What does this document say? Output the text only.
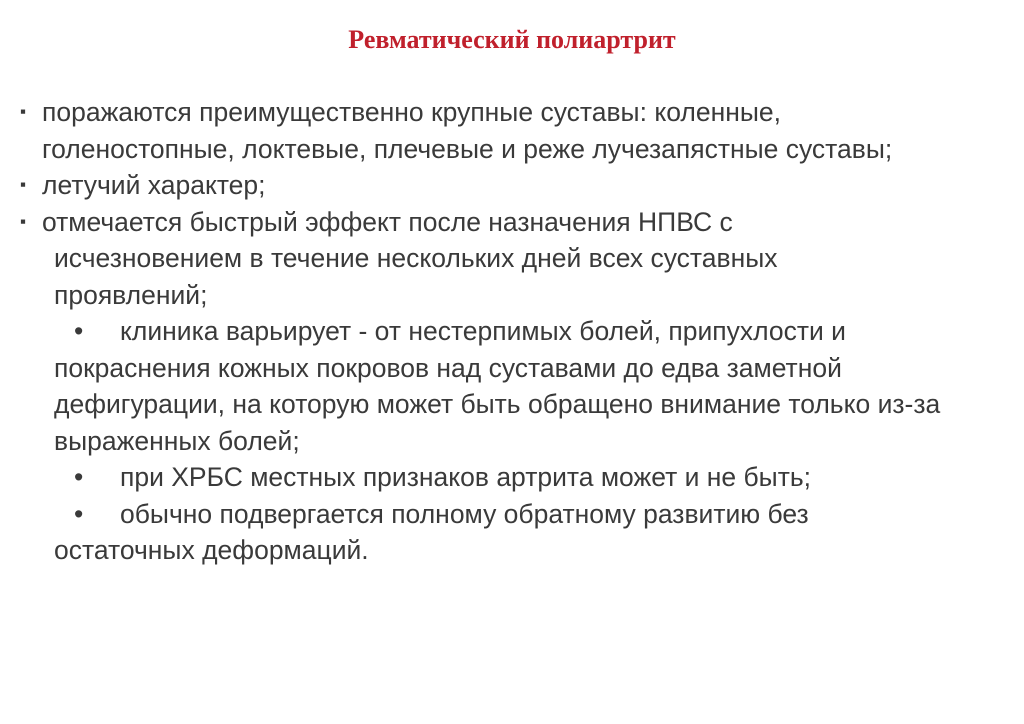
Ревматический полиартрит
▪ поражаются преимущественно крупные суставы: коленные, голеностопные, локтевые, плечевые и реже лучезапястные суставы;
▪ летучий характер;
▪ отмечается быстрый эффект после назначения НПВС с
исчезновением в течение нескольких дней всех суставных проявлений;
• клиника варьирует - от нестерпимых болей, припухлости и
покраснения кожных покровов над суставами до едва заметной дефигурации, на которую может быть обращено внимание только из-за выраженных болей;
• при ХРБС местных признаков артрита может и не быть;
• обычно подвергается полному обратному развитию без
остаточных деформаций.
